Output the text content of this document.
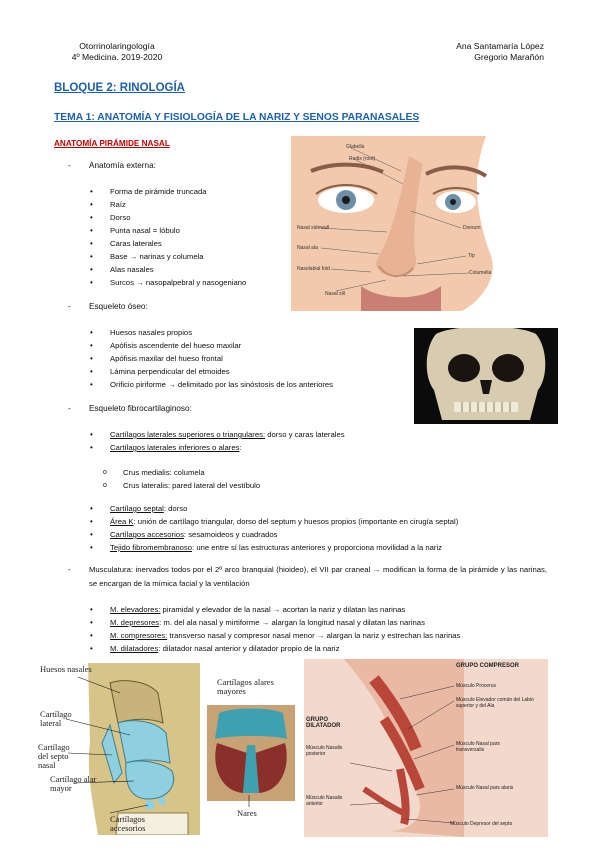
Otorrinolaringología
4º Medicina. 2019-2020
Ana Santamaría López
Gregorio Marañón
BLOQUE 2: RINOLOGÍA
TEMA 1: ANATOMÍA Y FISIOLOGÍA DE LA NARIZ Y SENOS PARANASALES
ANATOMÍA PIRÁMIDE NASAL
- Anatomía externa:
• Forma de pirámide truncada
• Raíz
• Dorso
• Punta nasal = lóbulo
• Caras laterales
• Base → narinas y columela
• Alas nasales
• Surcos → nasopalpebral y nasogeniano
- Esqueleto óseo:
• Huesos nasales propios
• Apófisis ascendente del hueso maxilar
• Apófisis maxilar del hueso frontal
• Lámina perpendicular del etmoides
• Orificio piriforme → delimitado por las sinóstosis de los anteriores
- Esqueleto fibrocartilaginoso:
• Cartílagos laterales superiores o triangulares: dorso y caras laterales
• Cartílagos laterales inferiores o alares:
o Crus medialis: columela
o Crus lateralis: pared lateral del vestíbulo
• Cartílago septal: dorso
• Área K: unión de cartílago triangular, dorso del septum y huesos propios (importante en cirugía septal)
• Cartílagos accesorios: sesamoideos y cuadrados
• Tejido fibromembranoso: une entre sí las estructuras anteriores y proporciona movilidad a la nariz
- Musculatura: inervados todos por el 2º arco branquial (hioideo), el VII par craneal → modifican la forma de la pirámide y las narinas, se encargan de la mímica facial y la ventilación
• M. elevadores: piramidal y elevador de la nasal → acortan la nariz y dilatan las narinas
• M. depresores: m. del ala nasal y mirtiforme → alargan la longitud nasal y dilatan las narinas
• M. compresores: transverso nasal y compresor nasal menor → alargan la nariz y estrechan las narinas
• M. dilatadores: dilatador nasal anterior y dilatador propio de la nariz
Glabella
Radix (root)
Nasal sidewall	Dorsum
Nasal ala
Tip
Nasolabial fold
Columella
Nasal sill
Huesos nasales
Cartílago lateral
Cartílago del septo nasal
Cartílago alar mayor
Cartílagos accesorios
Cartílagos alares mayores
Nares
GRUPO COMPRESOR
GRUPO DILATADOR
Músculo Procerus
Músculo Elevador común del Labio superior y del Ala
Músculo Nasal pars transversalis
Músculo Nasalis posterior
Músculo Nasal pars alaris
Músculo Nasalis anterior
Músculo Depresor del septo
